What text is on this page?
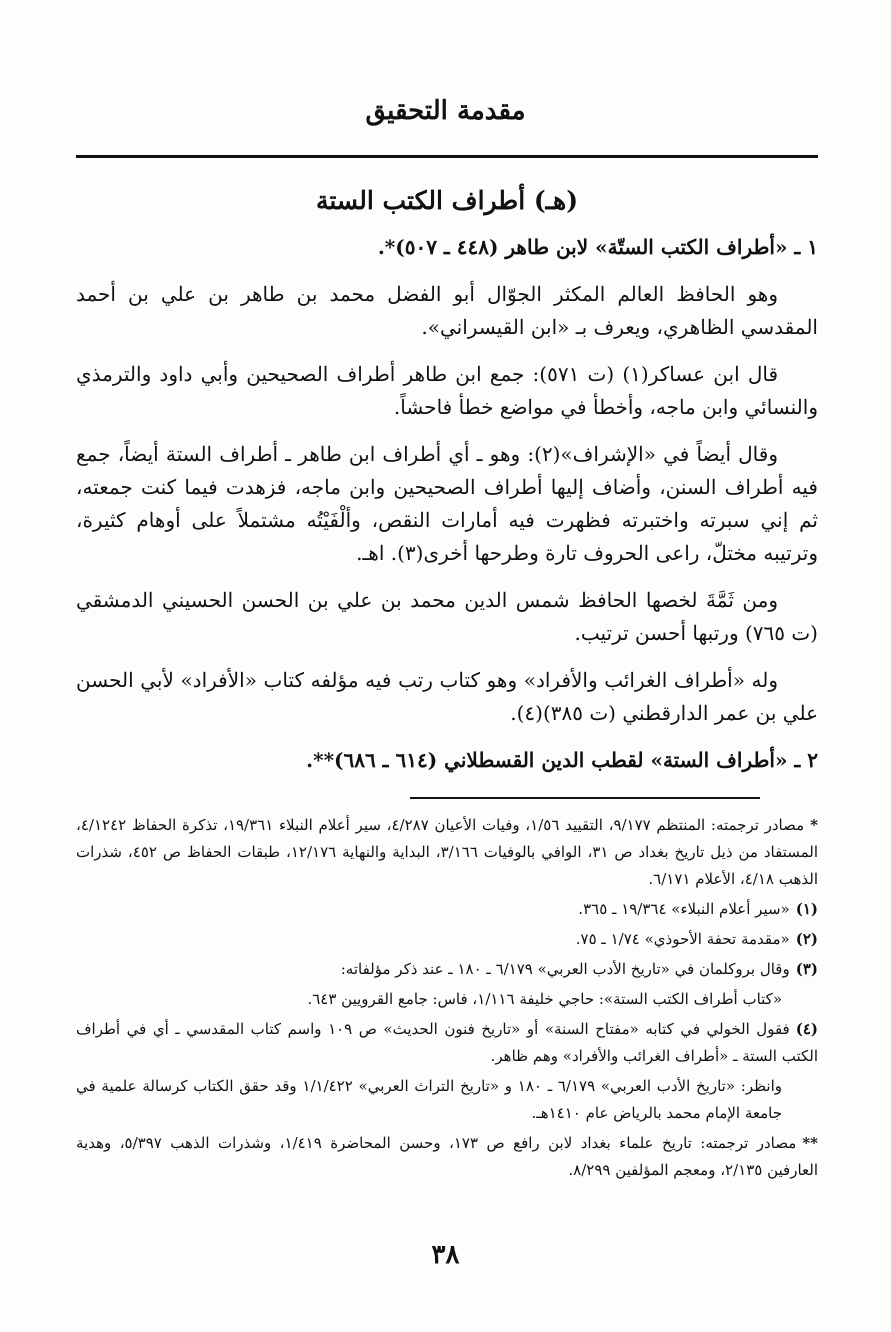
مقدمة التحقيق
(هـ) أطراف الكتب الستة

١ ـ «أطراف الكتب الستّة» لابن طاهر (٤٤٨ ـ ٥٠٧)*.

وهو الحافظ العالم المكثر الجوّال أبو الفضل محمد بن طاهر بن علي بن أحمد المقدسي الظاهري، ويعرف بـ «ابن القيسراني».

قال ابن عساكر(١) (ت ٥٧١): جمع ابن طاهر أطراف الصحيحين وأبي داود والترمذي والنسائي وابن ماجه، وأخطأ في مواضع خطأ فاحشاً.

وقال أيضاً في «الإشراف»(٢): وهو ـ أي أطراف ابن طاهر ـ أطراف الستة أيضاً، جمع فيه أطراف السنن، وأضاف إليها أطراف الصحيحين وابن ماجه، فزهدت فيما كنت جمعته، ثم إني سبرته واختبرته فظهرت فيه أمارات النقص، وألْفَيْتُه مشتملاً على أوهام كثيرة، وترتيبه مختلّ، راعى الحروف تارة وطرحها أخرى(٣). اهـ.

ومن ثَمَّةَ لخصها الحافظ شمس الدين محمد بن علي بن الحسن الحسيني الدمشقي (ت ٧٦٥) ورتبها أحسن ترتيب.

وله «أطراف الغرائب والأفراد» وهو كتاب رتب فيه مؤلفه كتاب «الأفراد» لأبي الحسن علي بن عمر الدارقطني (ت ٣٨٥)(٤).

٢ ـ «أطراف الستة» لقطب الدين القسطلاني (٦١٤ ـ ٦٨٦)**.

*مصادر ترجمته: المنتظم ٩/١٧٧، التقييد ١/٥٦، وفيات الأعيان ٤/٢٨٧، سير أعلام النبلاء ١٩/٣٦١، تذكرة الحفاظ ٤/١٢٤٢، المستفاد من ذيل تاريخ بغداد ص ٣١، الوافي بالوفيات ٣/١٦٦، البداية والنهاية ١٢/١٧٦، طبقات الحفاظ ص ٤٥٢، شذرات الذهب ٤/١٨، الأعلام ٦/١٧١.
(١)«سير أعلام النبلاء» ١٩/٣٦٤ ـ ٣٦٥.
(٢)«مقدمة تحفة الأحوذي» ١/٧٤ ـ ٧٥.
(٣)وقال بروكلمان في «تاريخ الأدب العربي» ٦/١٧٩ ـ ١٨٠ ـ عند ذكر مؤلفاته:
«كتاب أطراف الكتب الستة»: حاجي خليفة ١/١١٦، فاس: جامع القرويين ٦٤٣.
(٤)فقول الخولي في كتابه «مفتاح السنة» أو «تاريخ فنون الحديث» ص ١٠٩ واسم كتاب المقدسي ـ أي في أطراف الكتب الستة ـ «أطراف الغرائب والأفراد» وهم ظاهر.
وانظر: «تاريخ الأدب العربي» ٦/١٧٩ ـ ١٨٠ و «تاريخ التراث العربي» ١/١/٤٢٢ وقد حقق الكتاب كرسالة علمية في جامعة الإمام محمد بالرياض عام ١٤١٠هـ.
**مصادر ترجمته: تاريخ علماء بغداد لابن رافع ص ١٧٣، وحسن المحاضرة ١/٤١٩، وشذرات الذهب ٥/٣٩٧، وهدية العارفين ٢/١٣٥، ومعجم المؤلفين ٨/٢٩٩.
٣٨
